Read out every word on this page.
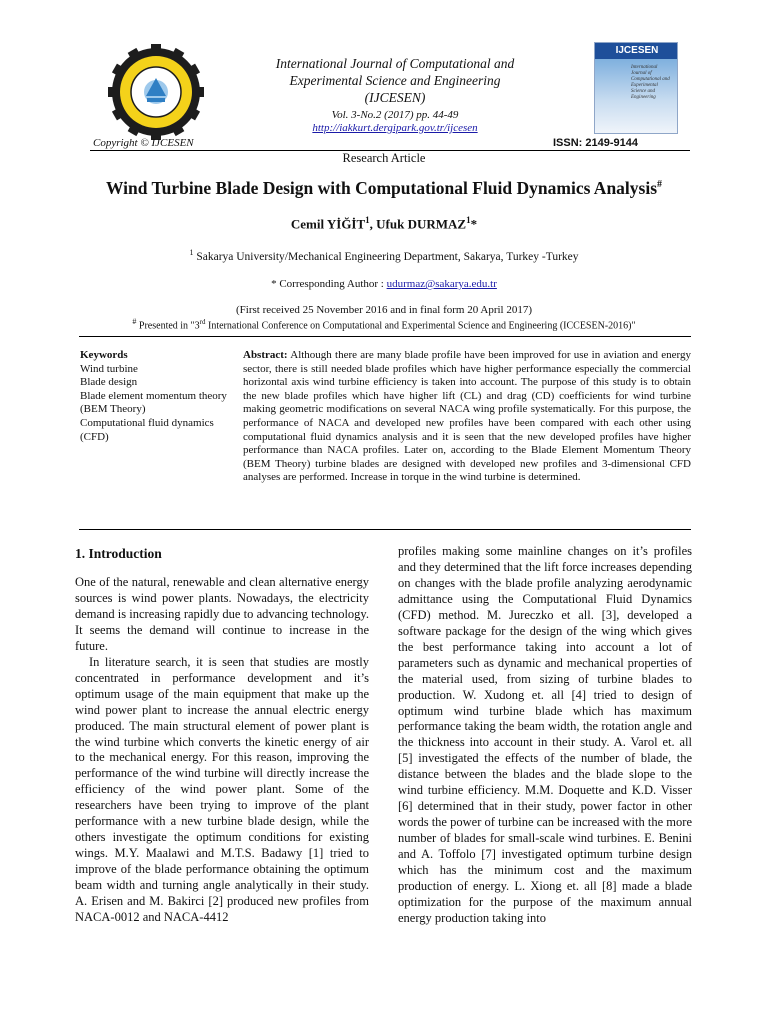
International Journal of Computational and
Experimental Science and Engineering
(IJCESEN)
Vol. 3-No.2 (2017) pp. 44-49
http://iakkurt.dergipark.gov.tr/ijcesen
Copyright © IJCESEN
IJCESEN
International
Journal of
Computational and
Experimental
Science and
Engineering
ISSN: 2149-9144
Research Article
Wind Turbine Blade Design with Computational Fluid Dynamics Analysis#
Cemil YİĞİT$^1$, Ufuk DURMAZ$^1$*
$^1$ Sakarya University/Mechanical Engineering Department, Sakarya, Turkey -Turkey
* Corresponding Author : udurmaz@sakarya.edu.tr
(First received 25 November 2016 and in final form 20 April 2017)
# Presented in "3rd International Conference on Computational and Experimental Science and Engineering (ICCESEN-2016)"
Keywords
Wind turbine
Blade design
Blade element momentum theory (BEM Theory)
Computational fluid dynamics (CFD)
Abstract: Although there are many blade profile have been improved for use in aviation and energy sector, there is still needed blade profiles which have higher performance especially the commercial horizontal axis wind turbine efficiency is taken into account. The purpose of this study is to obtain the new blade profiles which have higher lift (CL) and drag (CD) coefficients for wind turbine making geometric modifications on several NACA wing profile systematically. For this purpose, the performance of NACA and developed new profiles have been compared with each other using computational fluid dynamics analysis and it is seen that the new developed profiles have higher performance than NACA profiles. Later on, according to the Blade Element Momentum Theory (BEM Theory) turbine blades are designed with developed new profiles and 3-dimensional CFD analyses are performed. Increase in torque in the wind turbine is determined.
1. Introduction

One of the natural, renewable and clean alternative energy sources is wind power plants. Nowadays, the electricity demand is increasing rapidly due to advancing technology. It seems the demand will continue to increase in the future.

In literature search, it is seen that studies are mostly concentrated in performance development and it’s optimum usage of the main equipment that make up the wind power plant to increase the annual electric energy produced. The main structural element of power plant is the wind turbine which converts the kinetic energy of air to the mechanical energy. For this reason, improving the performance of the wind turbine will directly increase the efficiency of the wind power plant. Some of the researchers have been trying to improve of the plant performance with a new turbine blade design, while the others investigate the optimum conditions for existing wings. M.Y. Maalawi and M.T.S. Badawy [1] tried to improve of the blade performance obtaining the optimum beam width and turning angle analytically in their study. A. Erisen and M. Bakirci [2] produced new profiles from NACA-0012 and NACA-4412

profiles making some mainline changes on it’s profiles and they determined that the lift force increases depending on changes with the blade profile analyzing aerodynamic admittance using the Computational Fluid Dynamics (CFD) method. M. Jureczko et all. [3], developed a software package for the design of the wing which gives the best performance taking into account a lot of parameters such as dynamic and mechanical properties of the material used, from sizing of turbine blades to production. W. Xudong et. all [4] tried to design of optimum wind turbine blade which has maximum performance taking the beam width, the rotation angle and the thickness into account in their study. A. Varol et. all [5] investigated the effects of the number of blade, the distance between the blades and the blade slope to the wind turbine efficiency. M.M. Doquette and K.D. Visser [6] determined that in their study, power factor in other words the power of turbine can be increased with the more number of blades for small-scale wind turbines. E. Benini and A. Toffolo [7] investigated optimum turbine design which has the minimum cost and the maximum production of energy. L. Xiong et. all [8] made a blade optimization for the purpose of the maximum annual energy production taking into
